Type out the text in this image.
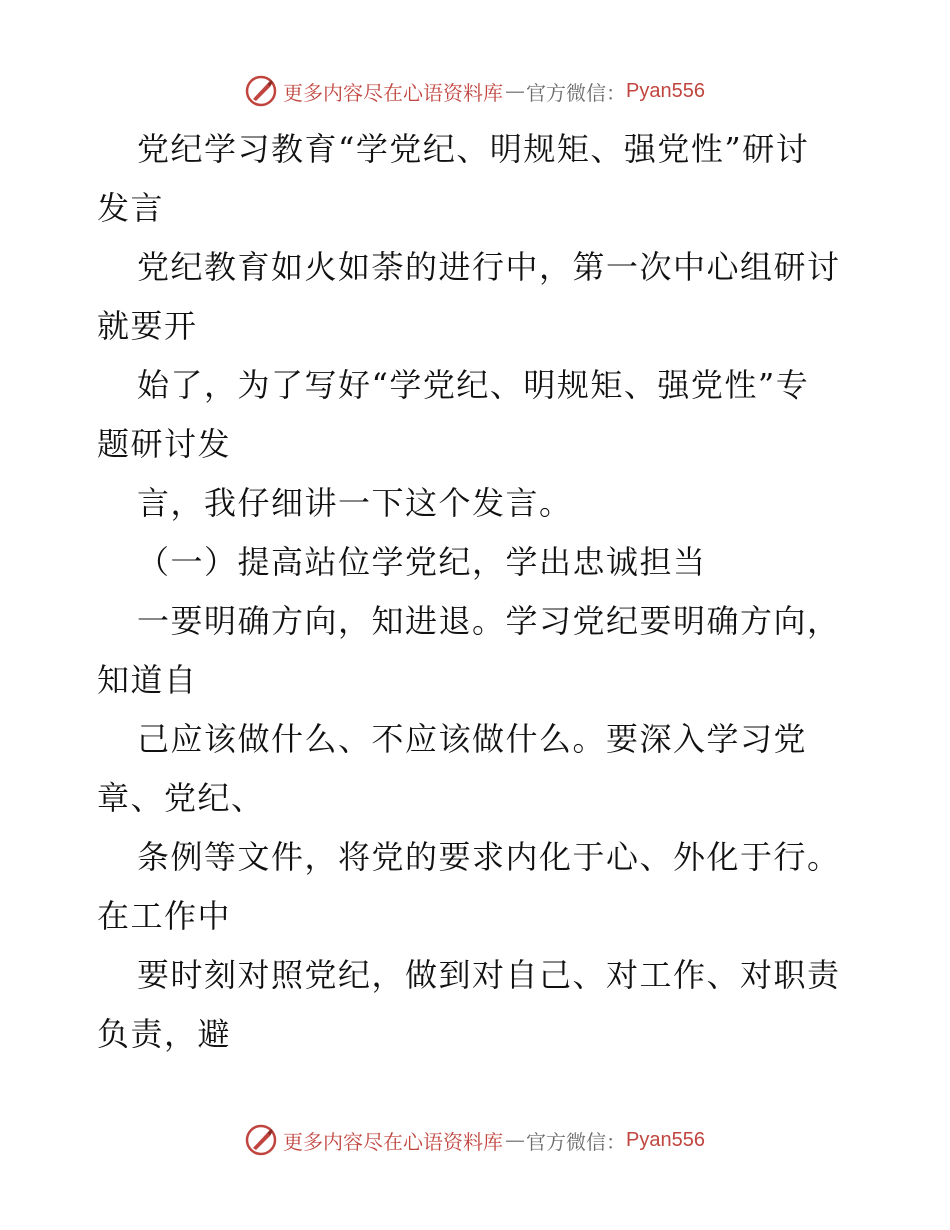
更多内容尽在心语资料库 — 官方微信： Pyan556
党纪学习教育“学党纪、明规矩、强党性”研讨
发言
党纪教育如火如荼的进行中，第一次中心组研讨
就要开
始了，为了写好“学党纪、明规矩、强党性”专
题研讨发
言，我仔细讲一下这个发言。
（一）提高站位学党纪，学出忠诚担当
一要明确方向，知进退。学习党纪要明确方向，
知道自
己应该做什么、不应该做什么。要深入学习党
章、党纪、
条例等文件，将党的要求内化于心、外化于行。
在工作中
要时刻对照党纪，做到对自己、对工作、对职责
负责，避
更多内容尽在心语资料库 — 官方微信： Pyan556
